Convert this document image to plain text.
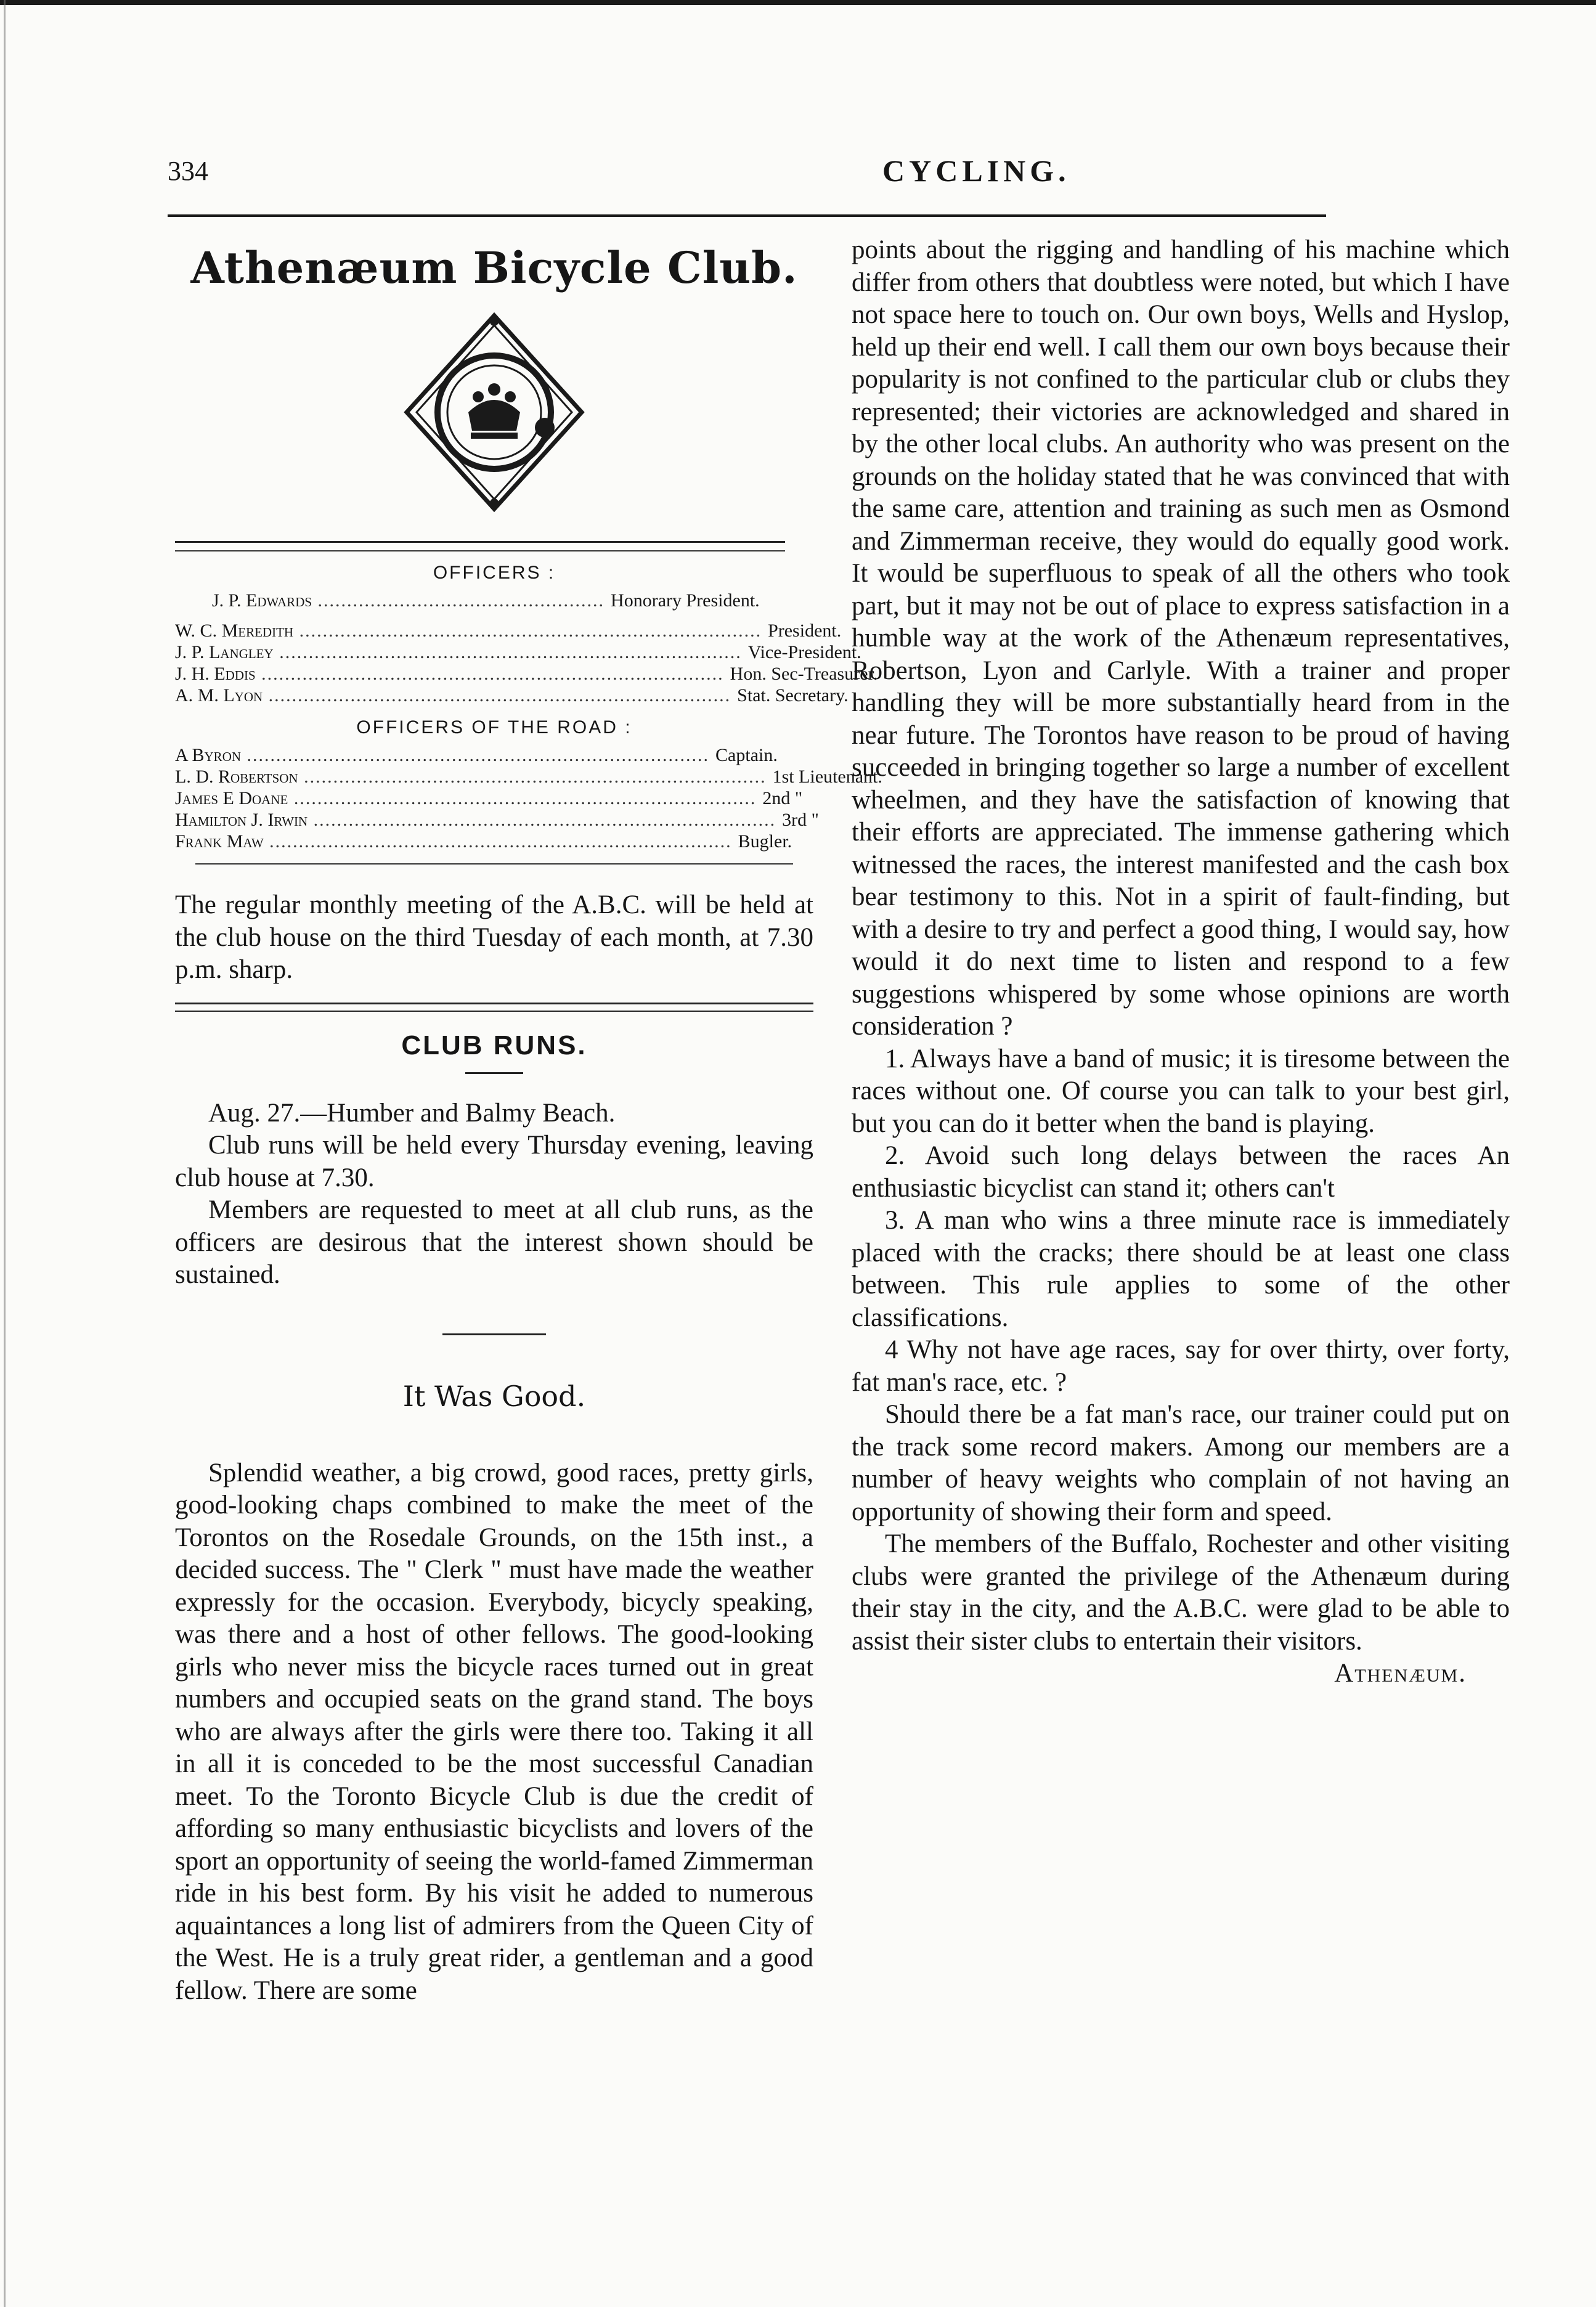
334	CYCLING.
Athenæum Bicycle Club.
OFFICERS :
J. P. Edwards ................................................. Honorary President.
W. C. Meredith ............................................................................... President.
J. P. Langley ............................................................................... Vice-President.
J. H. Eddis ............................................................................... Hon. Sec-Treasurer.
A. M. Lyon ............................................................................... Stat. Secretary.
OFFICERS OF THE ROAD :
A Byron ............................................................................... Captain.
L. D. Robertson ............................................................................... 1st Lieutenant.
James E Doane ............................................................................... 2nd "
Hamilton J. Irwin ............................................................................... 3rd "
Frank Maw ............................................................................... Bugler.

The regular monthly meeting of the A.B.C. will be held at the club house on the third Tuesday of each month, at 7.30 p.m. sharp.

CLUB RUNS.

Aug. 27.—Humber and Balmy Beach.

Club runs will be held every Thursday evening, leaving club house at 7.30.

Members are requested to meet at all club runs, as the officers are desirous that the interest shown should be sustained.

It Was Good.

Splendid weather, a big crowd, good races, pretty girls, good-looking chaps combined to make the meet of the Torontos on the Rosedale Grounds, on the 15th inst., a decided success. The " Clerk " must have made the weather expressly for the occasion. Everybody, bicycly speaking, was there and a host of other fellows. The good-looking girls who never miss the bicycle races turned out in great numbers and occupied seats on the grand stand. The boys who are always after the girls were there too. Taking it all in all it is conceded to be the most successful Canadian meet. To the Toronto Bicycle Club is due the credit of affording so many enthusiastic bicyclists and lovers of the sport an opportunity of seeing the world-famed Zimmerman ride in his best form. By his visit he added to numerous aquaintances a long list of admirers from the Queen City of the West. He is a truly great rider, a gentleman and a good fellow. There are some

points about the rigging and handling of his machine which differ from others that doubtless were noted, but which I have not space here to touch on. Our own boys, Wells and Hyslop, held up their end well. I call them our own boys because their popularity is not confined to the particular club or clubs they represented; their victories are acknowledged and shared in by the other local clubs. An authority who was present on the grounds on the holiday stated that he was convinced that with the same care, attention and training as such men as Osmond and Zimmerman receive, they would do equally good work. It would be superfluous to speak of all the others who took part, but it may not be out of place to express satisfaction in a humble way at the work of the Athenæum representatives, Robertson, Lyon and Carlyle. With a trainer and proper handling they will be more substantially heard from in the near future. The Torontos have reason to be proud of having succeeded in bringing together so large a number of excellent wheelmen, and they have the satisfaction of knowing that their efforts are appreciated. The immense gathering which witnessed the races, the interest manifested and the cash box bear testimony to this. Not in a spirit of fault-finding, but with a desire to try and perfect a good thing, I would say, how would it do next time to listen and respond to a few suggestions whispered by some whose opinions are worth consideration ?

1. Always have a band of music; it is tiresome between the races without one. Of course you can talk to your best girl, but you can do it better when the band is playing.

2. Avoid such long delays between the races An enthusiastic bicyclist can stand it; others can't

3. A man who wins a three minute race is immediately placed with the cracks; there should be at least one class between. This rule applies to some of the other classifications.

4 Why not have age races, say for over thirty, over forty, fat man's race, etc. ?

Should there be a fat man's race, our trainer could put on the track some record makers. Among our members are a number of heavy weights who complain of not having an opportunity of showing their form and speed.

The members of the Buffalo, Rochester and other visiting clubs were granted the privilege of the Athenæum during their stay in the city, and the A.B.C. were glad to be able to assist their sister clubs to entertain their visitors.

Athenæum.
